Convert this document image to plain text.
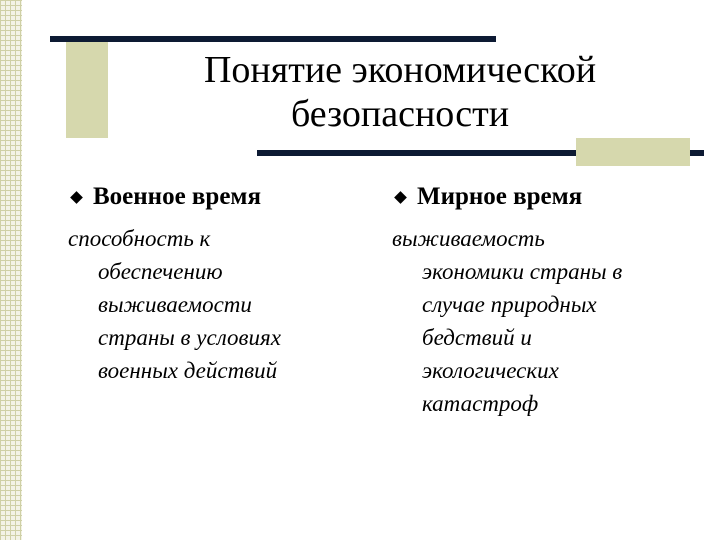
Понятие экономической
безопасности
Военное время

способность к
обеспечению
выживаемости
страны в условиях
военных действий

Мирное время

выживаемость
экономики страны в
случае природных
бедствий и
экологических
катастроф
